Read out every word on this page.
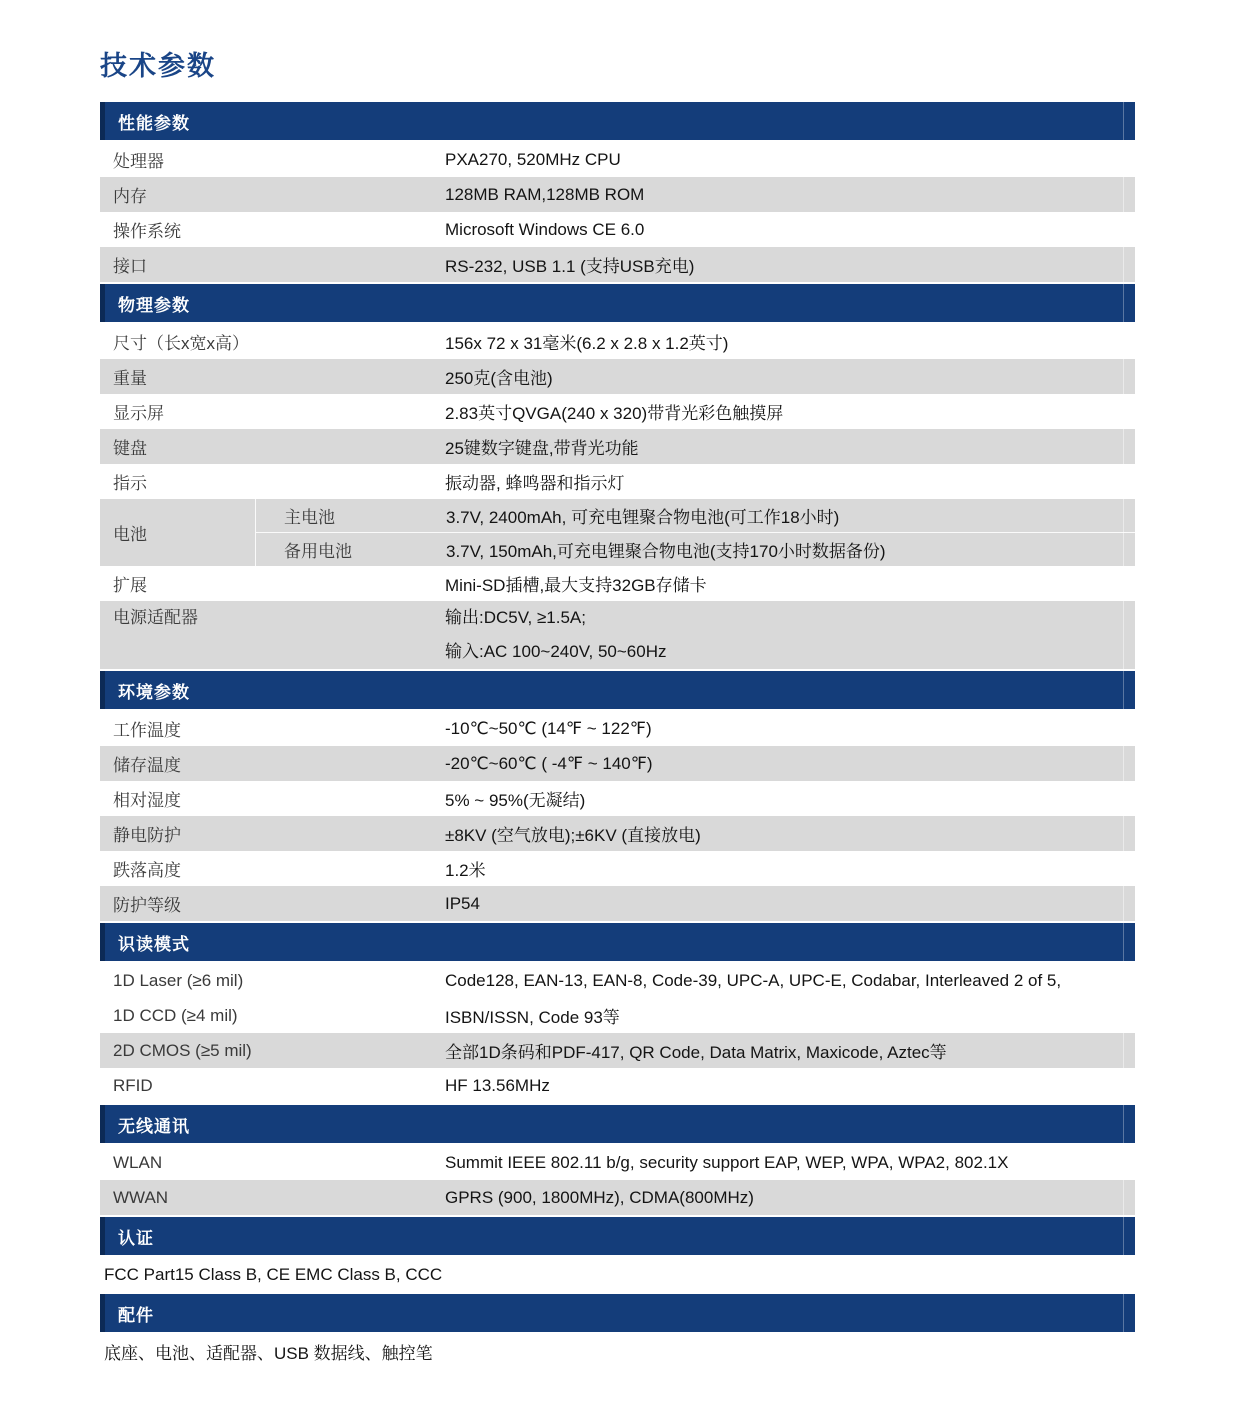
技术参数
性能参数
处理器	PXA270, 520MHz CPU
内存	128MB RAM,128MB ROM
操作系统	Microsoft Windows CE 6.0
接口	RS-232, USB 1.1 (支持USB充电)
物理参数
尺寸（长x宽x高）	156x 72 x 31毫米(6.2 x 2.8 x 1.2英寸)
重量	250克(含电池)
显示屏	2.83英寸QVGA(240 x 320)带背光彩色触摸屏
键盘	25键数字键盘,带背光功能
指示	振动器, 蜂鸣器和指示灯
电池
主电池	3.7V, 2400mAh, 可充电锂聚合物电池(可工作18小时)
备用电池	3.7V, 150mAh,可充电锂聚合物电池(支持170小时数据备份)
扩展	Mini-SD插槽,最大支持32GB存储卡
电源适配器	输出:DC5V, ≥1.5A;
输入:AC 100~240V, 50~60Hz
环境参数
工作温度	-10℃~50℃ (14℉ ~ 122℉)
储存温度	-20℃~60℃ ( -4℉ ~ 140℉)
相对湿度	5% ~ 95%(无凝结)
静电防护	±8KV (空气放电);±6KV (直接放电)
跌落高度	1.2米
防护等级	IP54
识读模式
1D Laser (≥6 mil)	Code128, EAN-13, EAN-8, Code-39, UPC-A, UPC-E, Codabar, Interleaved 2 of 5,
1D CCD (≥4 mil)	ISBN/ISSN, Code 93等
2D CMOS (≥5 mil)	全部1D条码和PDF-417, QR Code, Data Matrix, Maxicode, Aztec等
RFID	HF 13.56MHz
无线通讯
WLAN	Summit IEEE 802.11 b/g, security support EAP, WEP, WPA, WPA2, 802.1X
WWAN	GPRS (900, 1800MHz), CDMA(800MHz)
认证
FCC Part15 Class B, CE EMC Class B, CCC
配件
底座、电池、适配器、USB 数据线、触控笔
